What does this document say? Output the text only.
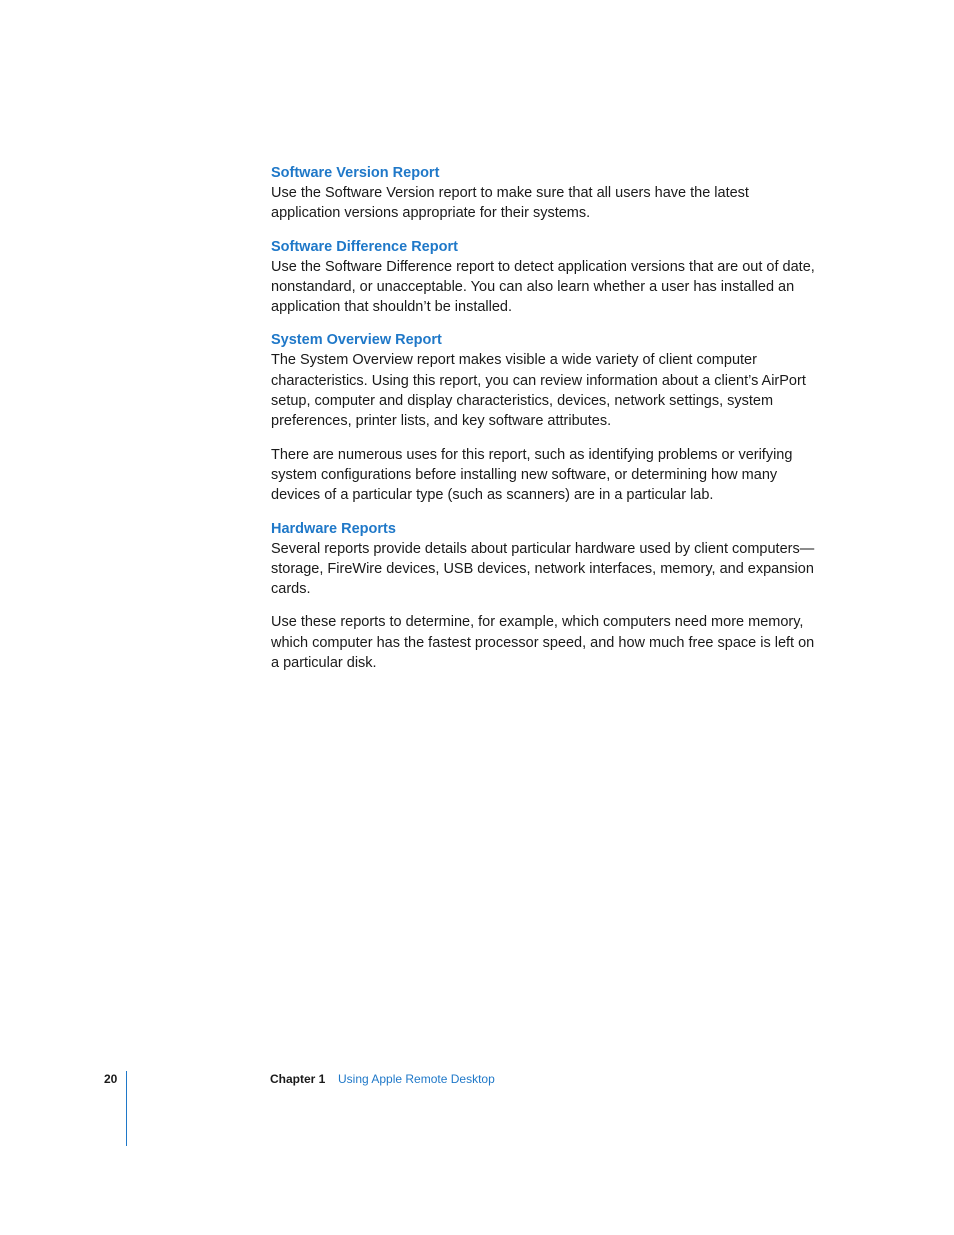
Software Version Report

Use the Software Version report to make sure that all users have the latest application versions appropriate for their systems.

Software Difference Report

Use the Software Difference report to detect application versions that are out of date, nonstandard, or unacceptable. You can also learn whether a user has installed an application that shouldn’t be installed.

System Overview Report

The System Overview report makes visible a wide variety of client computer characteristics. Using this report, you can review information about a client’s AirPort setup, computer and display characteristics, devices, network settings, system preferences, printer lists, and key software attributes.

There are numerous uses for this report, such as identifying problems or verifying system configurations before installing new software, or determining how many devices of a particular type (such as scanners) are in a particular lab.

Hardware Reports

Several reports provide details about particular hardware used by client computers—storage, FireWire devices, USB devices, network interfaces, memory, and expansion cards.

Use these reports to determine, for example, which computers need more memory, which computer has the fastest processor speed, and how much free space is left on a particular disk.

20	Chapter 1 Using Apple Remote Desktop
